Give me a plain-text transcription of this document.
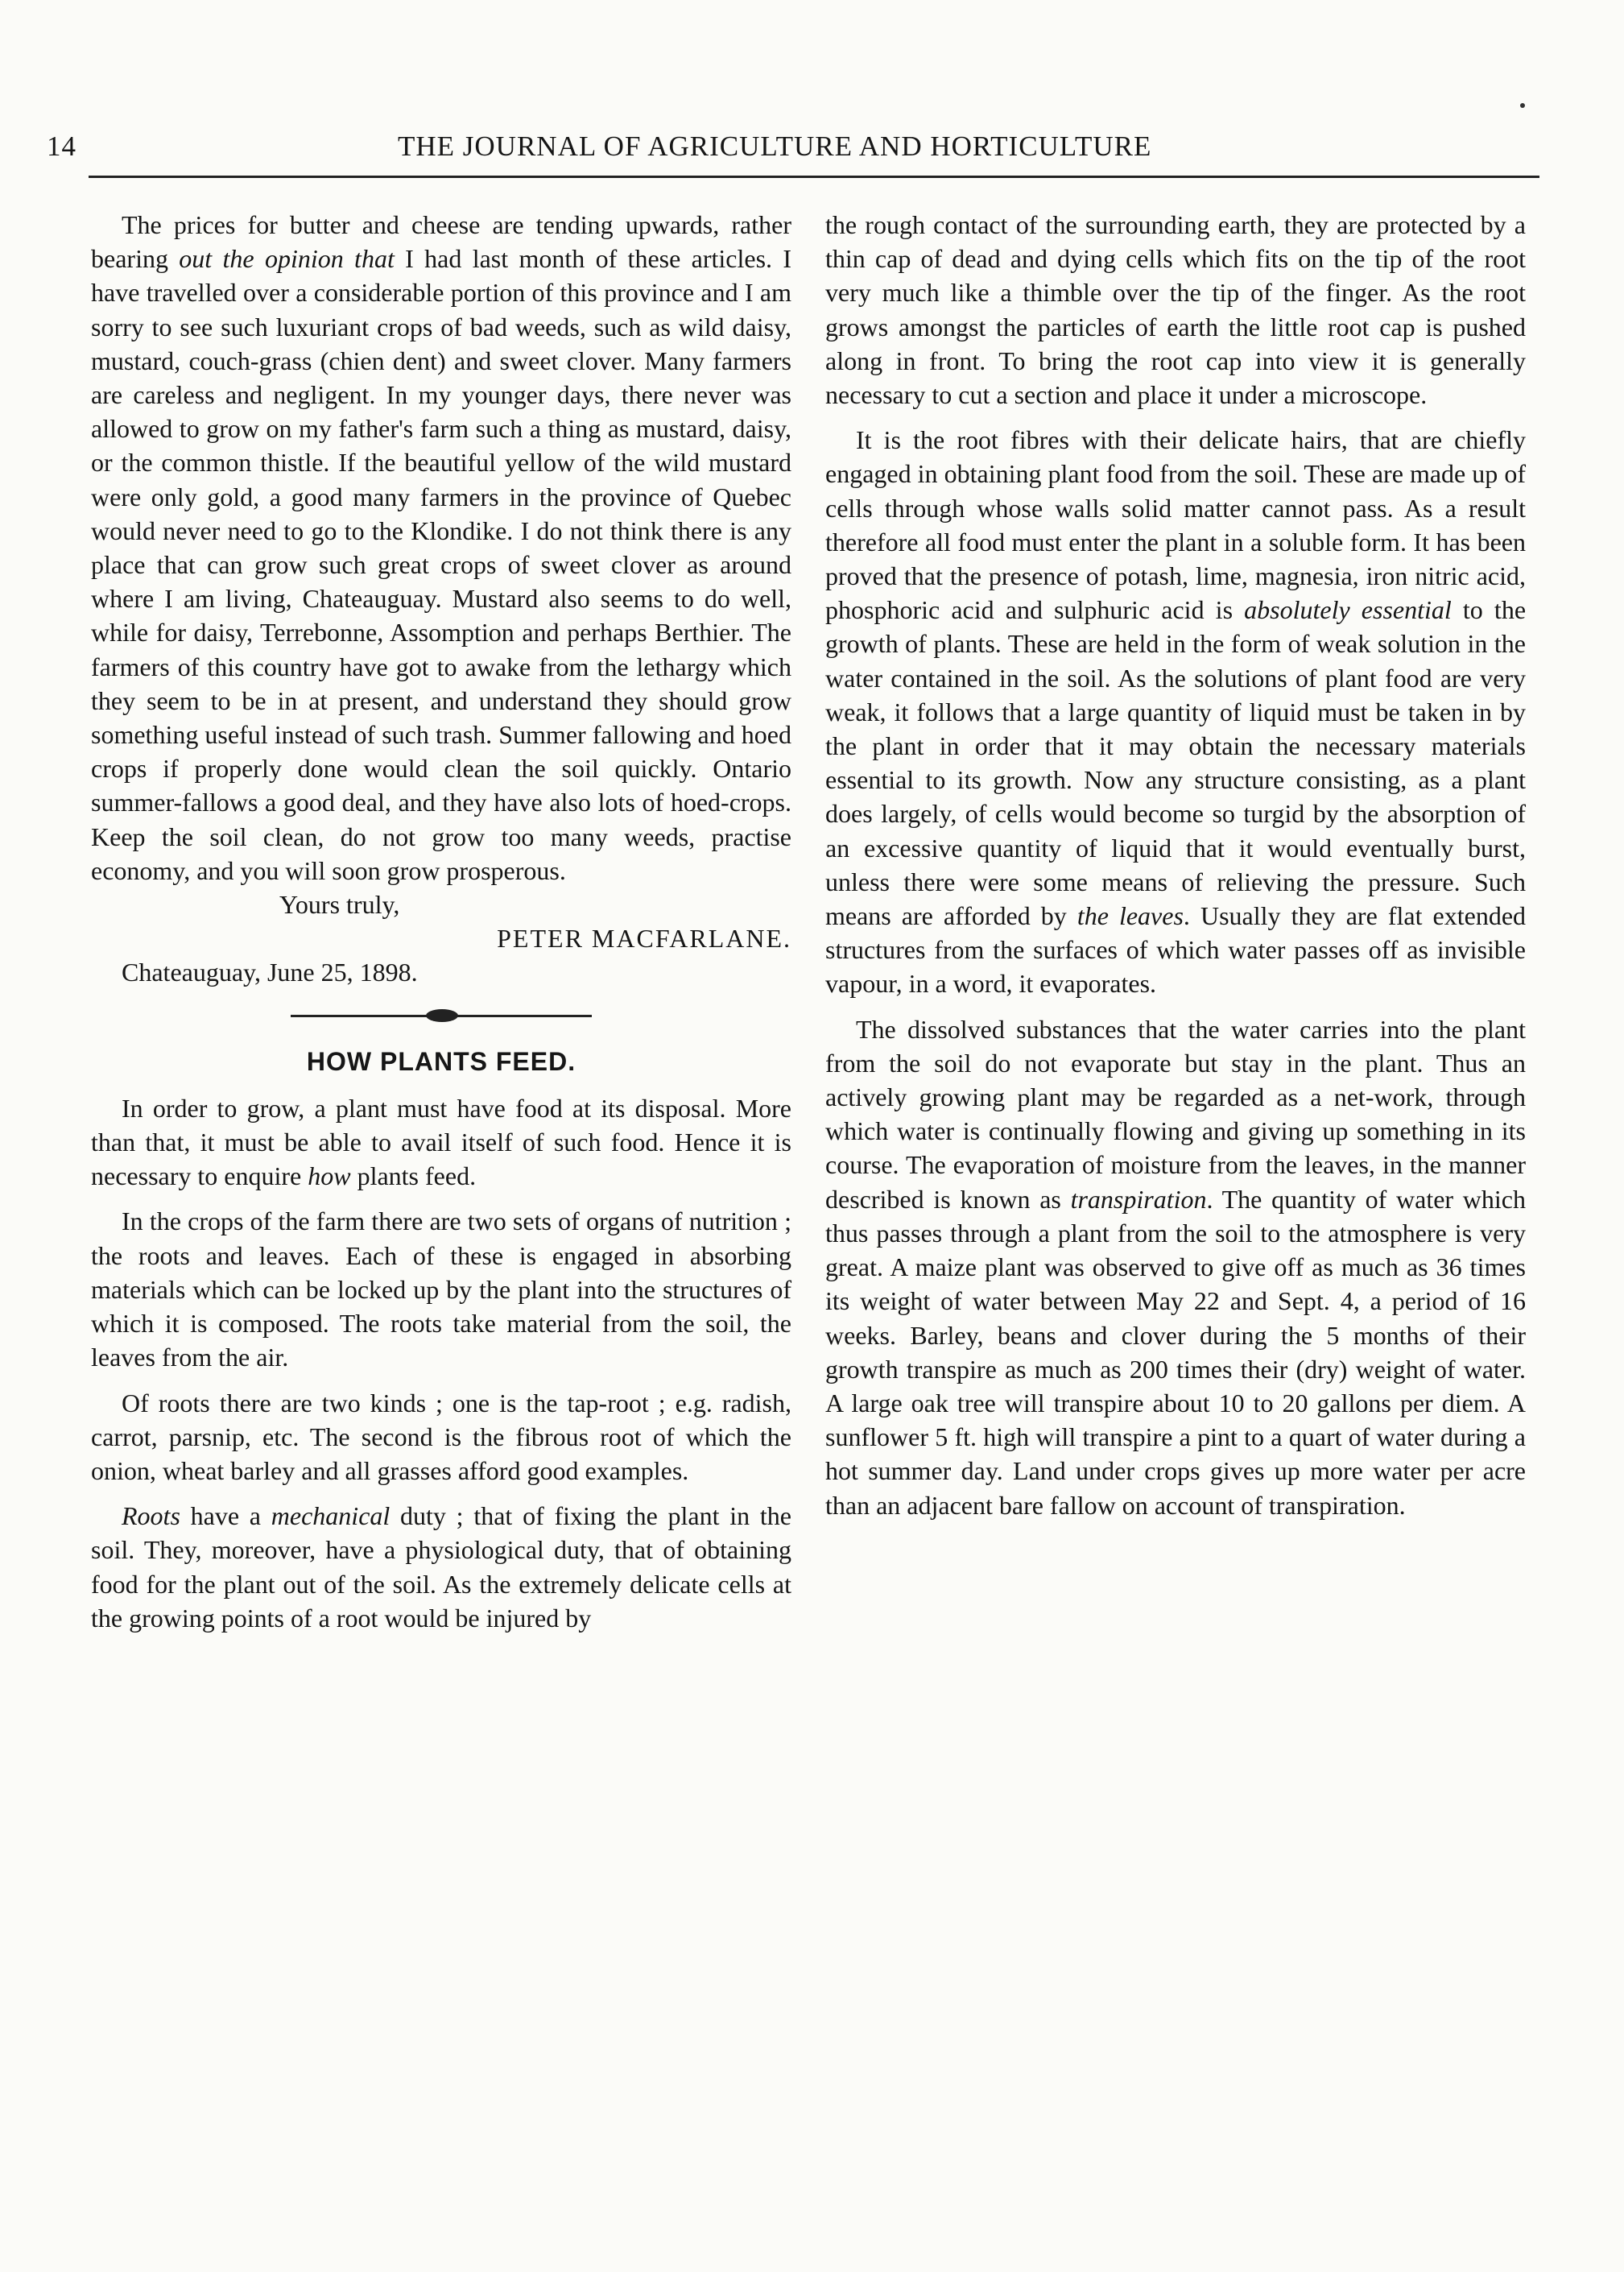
14	THE JOURNAL OF AGRICULTURE AND HORTICULTURE

The prices for butter and cheese are tending upwards, rather bearing out the opinion that I had last month of these articles. I have travelled over a considerable portion of this province and I am sorry to see such luxuriant crops of bad weeds, such as wild daisy, mustard, couch-grass (chien dent) and sweet clover. Many farmers are careless and negligent. In my younger days, there never was allowed to grow on my father's farm such a thing as mustard, daisy, or the common thistle. If the beautiful yellow of the wild mustard were only gold, a good many farmers in the province of Quebec would never need to go to the Klondike. I do not think there is any place that can grow such great crops of sweet clover as around where I am living, Chateauguay. Mustard also seems to do well, while for daisy, Terrebonne, Assomption and perhaps Berthier. The farmers of this country have got to awake from the lethargy which they seem to be in at present, and understand they should grow something useful instead of such trash. Summer fallowing and hoed crops if properly done would clean the soil quickly. Ontario summer-fallows a good deal, and they have also lots of hoed-crops. Keep the soil clean, do not grow too many weeds, practise economy, and you will soon grow prosperous.

Yours truly,

PETER MACFARLANE.

Chateauguay, June 25, 1898.

HOW PLANTS FEED.

In order to grow, a plant must have food at its disposal. More than that, it must be able to avail itself of such food. Hence it is necessary to enquire how plants feed.

In the crops of the farm there are two sets of organs of nutrition ; the roots and leaves. Each of these is engaged in absorbing materials which can be locked up by the plant into the structures of which it is composed. The roots take material from the soil, the leaves from the air.

Of roots there are two kinds ; one is the tap-root ; e.g. radish, carrot, parsnip, etc. The second is the fibrous root of which the onion, wheat barley and all grasses afford good examples.

Roots have a mechanical duty ; that of fixing the plant in the soil. They, moreover, have a physiological duty, that of obtaining food for the plant out of the soil. As the extremely delicate cells at the growing points of a root would be injured by

the rough contact of the surrounding earth, they are protected by a thin cap of dead and dying cells which fits on the tip of the root very much like a thimble over the tip of the finger. As the root grows amongst the particles of earth the little root cap is pushed along in front. To bring the root cap into view it is generally necessary to cut a section and place it under a microscope.

It is the root fibres with their delicate hairs, that are chiefly engaged in obtaining plant food from the soil. These are made up of cells through whose walls solid matter cannot pass. As a result therefore all food must enter the plant in a soluble form. It has been proved that the presence of potash, lime, magnesia, iron nitric acid, phosphoric acid and sulphuric acid is absolutely essential to the growth of plants. These are held in the form of weak solution in the water contained in the soil. As the solutions of plant food are very weak, it follows that a large quantity of liquid must be taken in by the plant in order that it may obtain the necessary materials essential to its growth. Now any structure consisting, as a plant does largely, of cells would become so turgid by the absorption of an excessive quantity of liquid that it would eventually burst, unless there were some means of relieving the pressure. Such means are afforded by the leaves. Usually they are flat extended structures from the surfaces of which water passes off as invisible vapour, in a word, it evaporates.

The dissolved substances that the water carries into the plant from the soil do not evaporate but stay in the plant. Thus an actively growing plant may be regarded as a net-work, through which water is continually flowing and giving up something in its course. The evaporation of moisture from the leaves, in the manner described is known as transpiration. The quantity of water which thus passes through a plant from the soil to the atmosphere is very great. A maize plant was observed to give off as much as 36 times its weight of water between May 22 and Sept. 4, a period of 16 weeks. Barley, beans and clover during the 5 months of their growth transpire as much as 200 times their (dry) weight of water. A large oak tree will transpire about 10 to 20 gallons per diem. A sunflower 5 ft. high will transpire a pint to a quart of water during a hot summer day. Land under crops gives up more water per acre than an adjacent bare fallow on account of transpiration.
